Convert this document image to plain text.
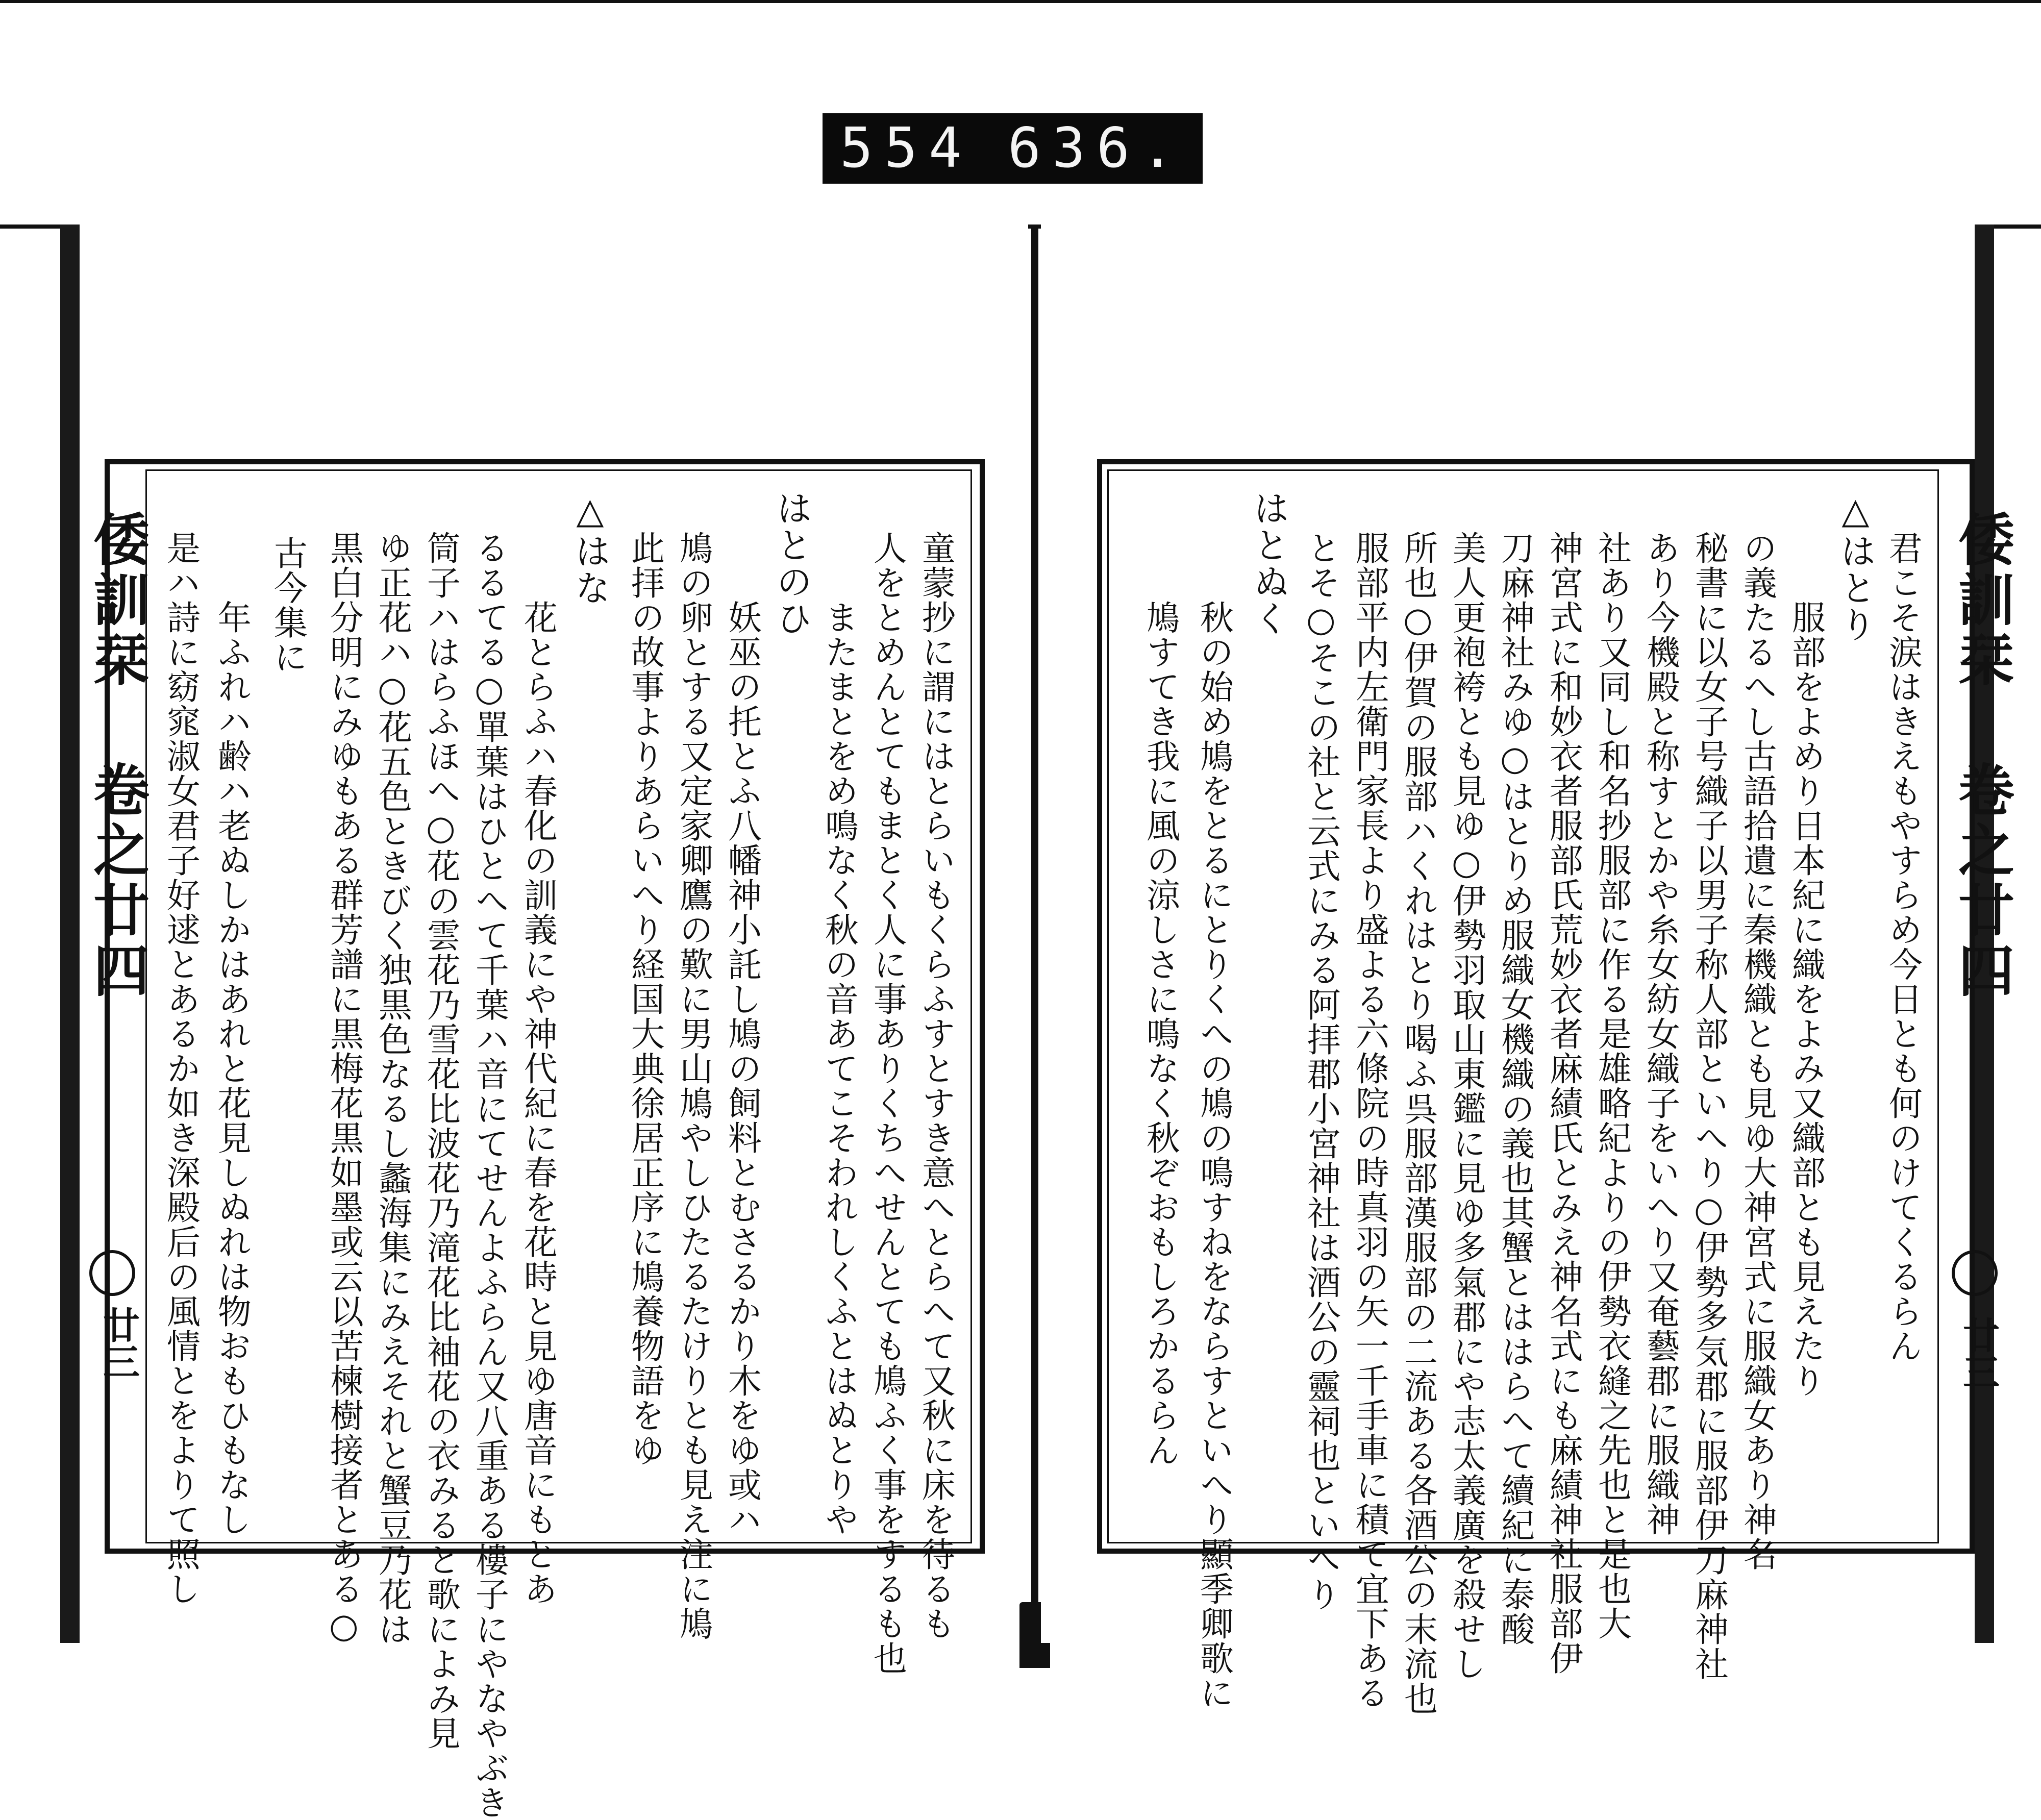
554 636.
倭訓栞 卷之廿四
廿三	童蒙抄に謂にはとらいもくらふすとすき意へとらへて又秋に床を待るも
人をとめんとてもまとく人に事ありくちへせんとても鳩ふく事をするも也
　　またまとをめ鳴なく秋の音あてこそわれしくふとはぬとりや
はとのひ
　　妖巫の托とふ八幡神小託し鳩の飼料とむさるかり木をゆ或ハ
鳩の卵とする又定家卿鷹の歎に男山鳩やしひたるたけりとも見え注に鳩
此拝の故事よりあらいへり経国大典徐居正序に鳩養物語をゆ
△はな
　　花とらふハ春化の訓義にや神代紀に春を花時と見ゆ唐音にもとあ
るるてる○單葉はひとへて千葉ハ音にてせんよふらん又八重ある樓子にやなやぶき
筒子ハはらふほへ○花の雲花乃雪花比波花乃滝花比袖花の衣みると歌によみ見
ゆ正花ハ○花五色ときびく独黒色なるし蠡海集にみえそれと蟹豆乃花は
黒白分明にみゆもある群芳譜に黒梅花黒如墨或云以苦楝樹接者とある○
古今集に
　　年ふれハ齢ハ老ぬしかはあれと花見しぬれは物おもひもなし
是ハ詩に窈窕淑女君子好逑とあるか如き深殿后の風情とをよりて照し	倭訓栞 卷之廿四
廿三
君こそ涙はきえもやすらめ今日とも何のけてくるらん
△はとり
　　服部をよめり日本紀に織をよみ又織部とも見えたり
の義たるへし古語拾遺に秦機織とも見ゆ大神宮式に服織女あり神名
秘書に以女子号織子以男子称人部といへり○伊勢多気郡に服部伊刀麻神社
あり今機殿と称すとかや糸女紡女織子をいへり又奄藝郡に服織神
社あり又同し和名抄服部に作る是雄略紀よりの伊勢衣縫之先也と是也大
神宮式に和妙衣者服部氏荒妙衣者麻績氏とみえ神名式にも麻績神社服部伊
刀麻神社みゆ○はとりめ服織女機織の義也其蟹とははらへて續紀に泰酸
美人更袍袴とも見ゆ○伊勢羽取山東鑑に見ゆ多氣郡にや志太義廣を殺せし
所也○伊賀の服部ハくれはとり喝ふ呉服部漢服部の二流ある各酒公の末流也
服部平内左衛門家長より盛よる六條院の時真羽の矢一千手車に積て宜下ある
とそ○そこの社と云式にみる阿拝郡小宮神社は酒公の靈祠也といへり
はとぬく
　　秋の始め鳩をとるにとりくへの鳩の鳴すねをならすといへり顯季卿歌に
　　鳩すてき我に風の涼しさに鳴なく秋ぞおもしろかるらん
